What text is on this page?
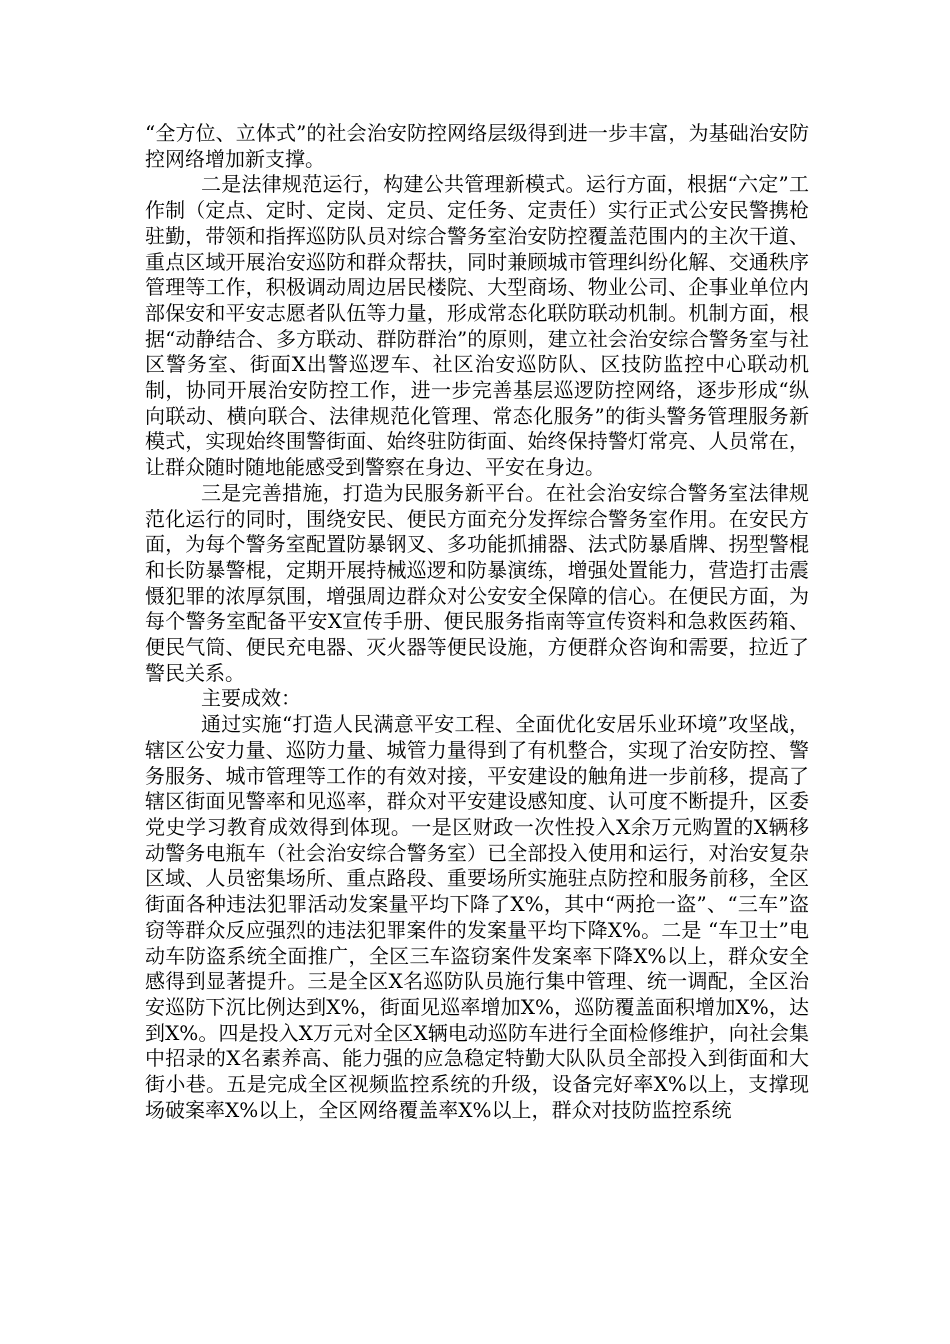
“全方位、立体式”的社会治安防控网络层级得到进一步丰富，为基础治安防控网络增加新支撑。

二是法律规范运行，构建公共管理新模式。运行方面，根据“六定”工作制（定点、定时、定岗、定员、定任务、定责任）实行正式公安民警携枪驻勤，带领和指挥巡防队员对综合警务室治安防控覆盖范围内的主次干道、重点区域开展治安巡防和群众帮扶，同时兼顾城市管理纠纷化解、交通秩序管理等工作，积极调动周边居民楼院、大型商场、物业公司、企事业单位内部保安和平安志愿者队伍等力量，形成常态化联防联动机制。机制方面，根据“动静结合、多方联动、群防群治”的原则，建立社会治安综合警务室与社区警务室、街面X出警巡逻车、社区治安巡防队、区技防监控中心联动机制，协同开展治安防控工作，进一步完善基层巡逻防控网络，逐步形成“纵向联动、横向联合、法律规范化管理、常态化服务”的街头警务管理服务新模式，实现始终围警街面、始终驻防街面、始终保持警灯常亮、人员常在，让群众随时随地能感受到警察在身边、平安在身边。

三是完善措施，打造为民服务新平台。在社会治安综合警务室法律规范化运行的同时，围绕安民、便民方面充分发挥综合警务室作用。在安民方面，为每个警务室配置防暴钢叉、多功能抓捕器、法式防暴盾牌、拐型警棍和长防暴警棍，定期开展持械巡逻和防暴演练，增强处置能力，营造打击震慑犯罪的浓厚氛围，增强周边群众对公安安全保障的信心。在便民方面，为每个警务室配备平安X宣传手册、便民服务指南等宣传资料和急救医药箱、便民气筒、便民充电器、灭火器等便民设施，方便群众咨询和需要，拉近了警民关系。

主要成效：

通过实施“打造人民满意平安工程、全面优化安居乐业环境”攻坚战，辖区公安力量、巡防力量、城管力量得到了有机整合，实现了治安防控、警务服务、城市管理等工作的有效对接，平安建设的触角进一步前移，提高了辖区街面见警率和见巡率，群众对平安建设感知度、认可度不断提升，区委党史学习教育成效得到体现。一是区财政一次性投入X余万元购置的X辆移动警务电瓶车（社会治安综合警务室）已全部投入使用和运行，对治安复杂区域、人员密集场所、重点路段、重要场所实施驻点防控和服务前移，全区街面各种违法犯罪活动发案量平均下降了X%，其中“两抢一盗”、“三车”盗窃等群众反应强烈的违法犯罪案件的发案量平均下降X%。二是 “车卫士”电动车防盗系统全面推广，全区三车盗窃案件发案率下降X%以上，群众安全感得到显著提升。三是全区X名巡防队员施行集中管理、统一调配，全区治安巡防下沉比例达到X%，街面见巡率增加X%，巡防覆盖面积增加X%，达到X%。四是投入X万元对全区X辆电动巡防车进行全面检修维护，向社会集中招录的X名素养高、能力强的应急稳定特勤大队队员全部投入到街面和大街小巷。五是完成全区视频监控系统的升级，设备完好率X%以上，支撑现场破案率X%以上，全区网络覆盖率X%以上，群众对技防监控系统
